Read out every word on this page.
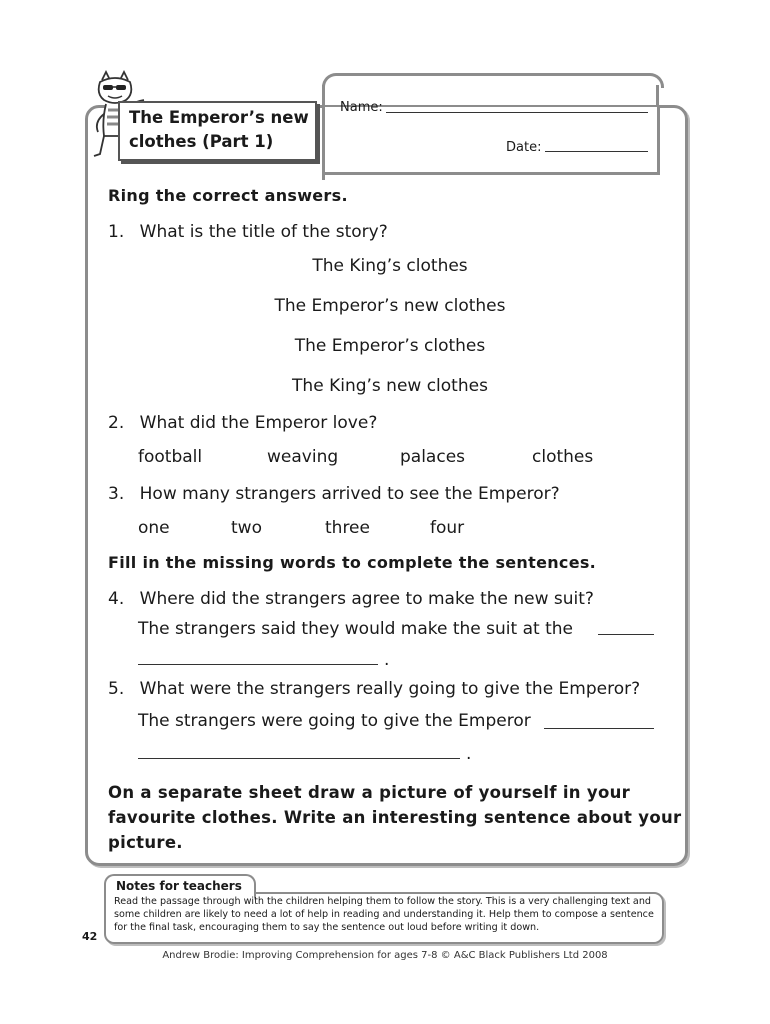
Name:
Date:
The Emperor’s new
clothes (Part 1)
Ring the correct answers.
1. What is the title of the story?
The King’s clothes
The Emperor’s new clothes
The Emperor’s clothes
The King’s new clothes
2. What did the Emperor love?
football	weaving	palaces	clothes
3. How many strangers arrived to see the Emperor?
one	two	three	four
Fill in the missing words to complete the sentences.
4. Where did the strangers agree to make the new suit?
The strangers said they would make the suit at the
.
5. What were the strangers really going to give the Emperor?
The strangers were going to give the Emperor
.
On a separate sheet draw a picture of yourself in your
favourite clothes. Write an interesting sentence about your
picture.
Notes for teachers
Read the passage through with the children helping them to follow the story. This is a very challenging text and
some children are likely to need a lot of help in reading and understanding it. Help them to compose a sentence
for the final task, encouraging them to say the sentence out loud before writing it down.
42
Andrew Brodie: Improving Comprehension for ages 7-8 © A&C Black Publishers Ltd 2008
